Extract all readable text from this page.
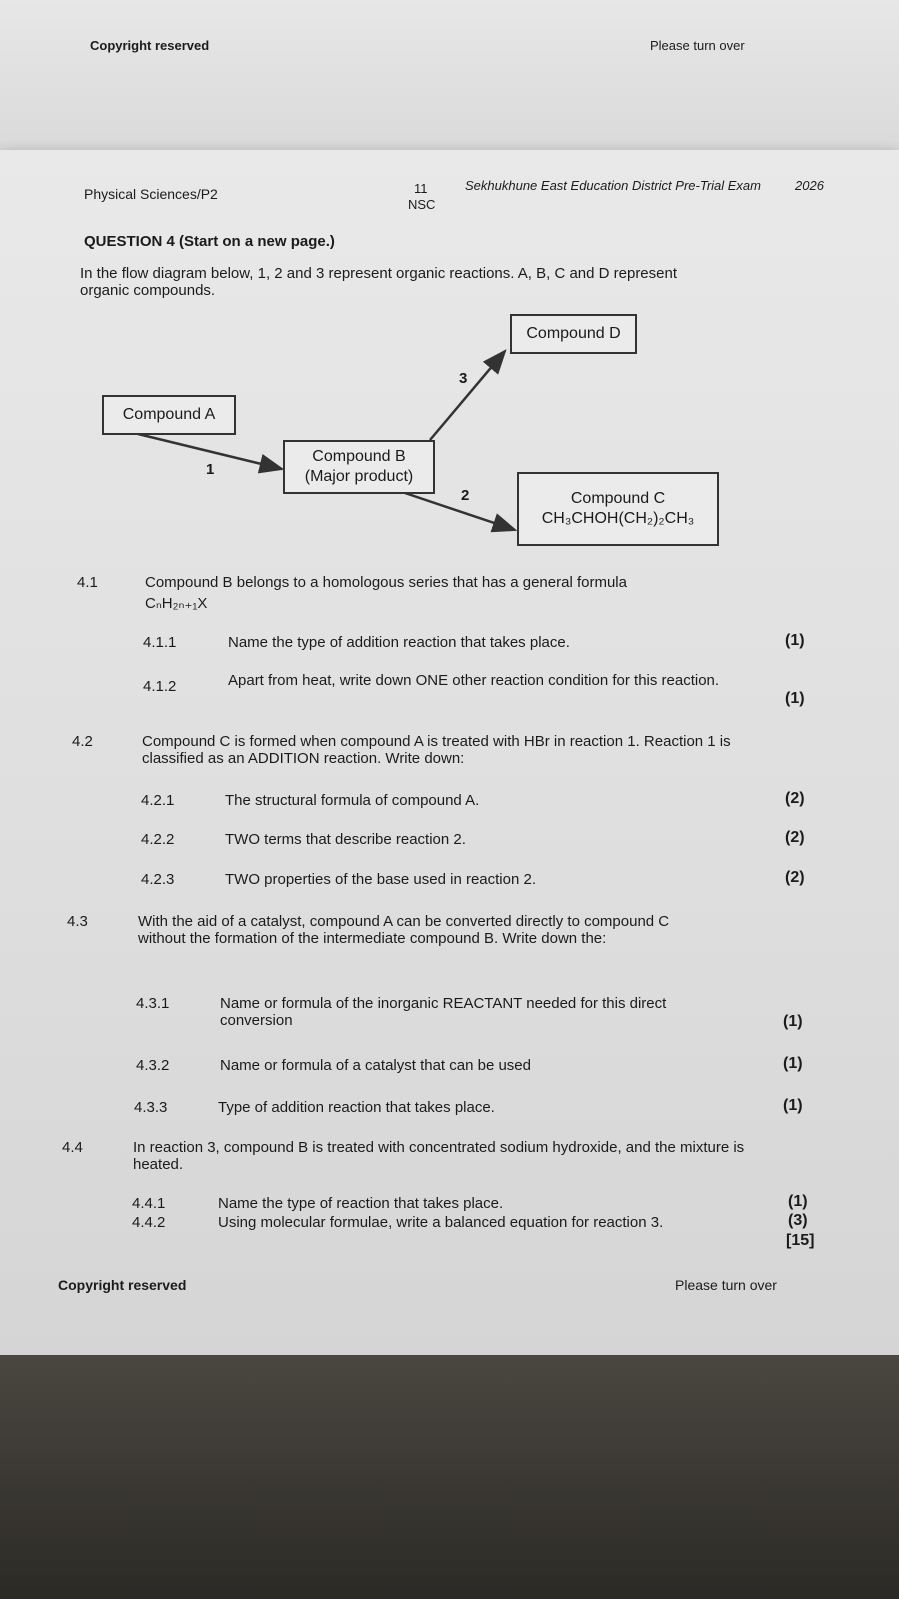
Copyright reserved	Please turn over
Physical Sciences/P2	11
NSC
Sekhukhune East Education District Pre-Trial Exam	2026
QUESTION 4 (Start on a new page.)
In the flow diagram below, 1, 2 and 3 represent organic reactions. A, B, C and D represent organic compounds.
Compound D
Compound A
Compound B
(Major product)
Compound C
CH₃CHOH(CH₂)₂CH₃
1
3
2
4.1	Compound B belongs to a homologous series that has a general formula
CₙH₂ₙ₊₁X
4.1.1	Name the type of addition reaction that takes place.	(1)
4.1.2	Apart from heat, write down ONE other reaction condition for this reaction.
(1)
4.2	Compound C is formed when compound A is treated with HBr in reaction 1. Reaction 1 is classified as an ADDITION reaction. Write down:
4.2.1	The structural formula of compound A.	(2)
4.2.2	TWO terms that describe reaction 2.	(2)
4.2.3	TWO properties of the base used in reaction 2.	(2)
4.3	With the aid of a catalyst, compound A can be converted directly to compound C without the formation of the intermediate compound B. Write down the:
4.3.1	Name or formula of the inorganic REACTANT needed for this direct conversion	(1)
4.3.2	Name or formula of a catalyst that can be used	(1)
4.3.3	Type of addition reaction that takes place.	(1)
4.4	In reaction 3, compound B is treated with concentrated sodium hydroxide, and the mixture is heated.
4.4.1	Name the type of reaction that takes place.	(1)
4.4.2	Using molecular formulae, write a balanced equation for reaction 3.	(3)
[15]
Copyright reserved	Please turn over
